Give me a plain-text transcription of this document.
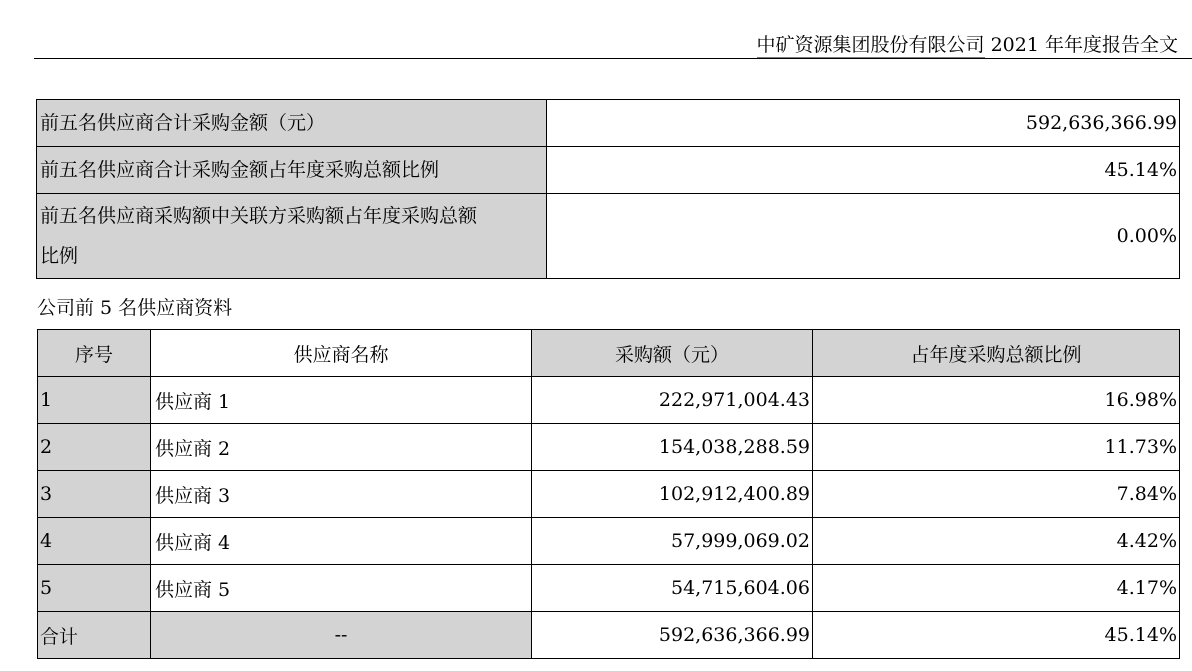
中矿资源集团股份有限公司 2021 年年度报告全文
前五名供应商合计采购金额（元）	592,636,366.99
前五名供应商合计采购金额占年度采购总额比例	45.14%
前五名供应商采购额中关联方采购额占年度采购总额
比例	0.00%
公司前 5 名供应商资料
序号	供应商名称	采购额（元）	占年度采购总额比例
1	供应商 1	222,971,004.43	16.98%
2	供应商 2	154,038,288.59	11.73%
3	供应商 3	102,912,400.89	7.84%
4	供应商 4	57,999,069.02	4.42%
5	供应商 5	54,715,604.06	4.17%
合计	--	592,636,366.99	45.14%
